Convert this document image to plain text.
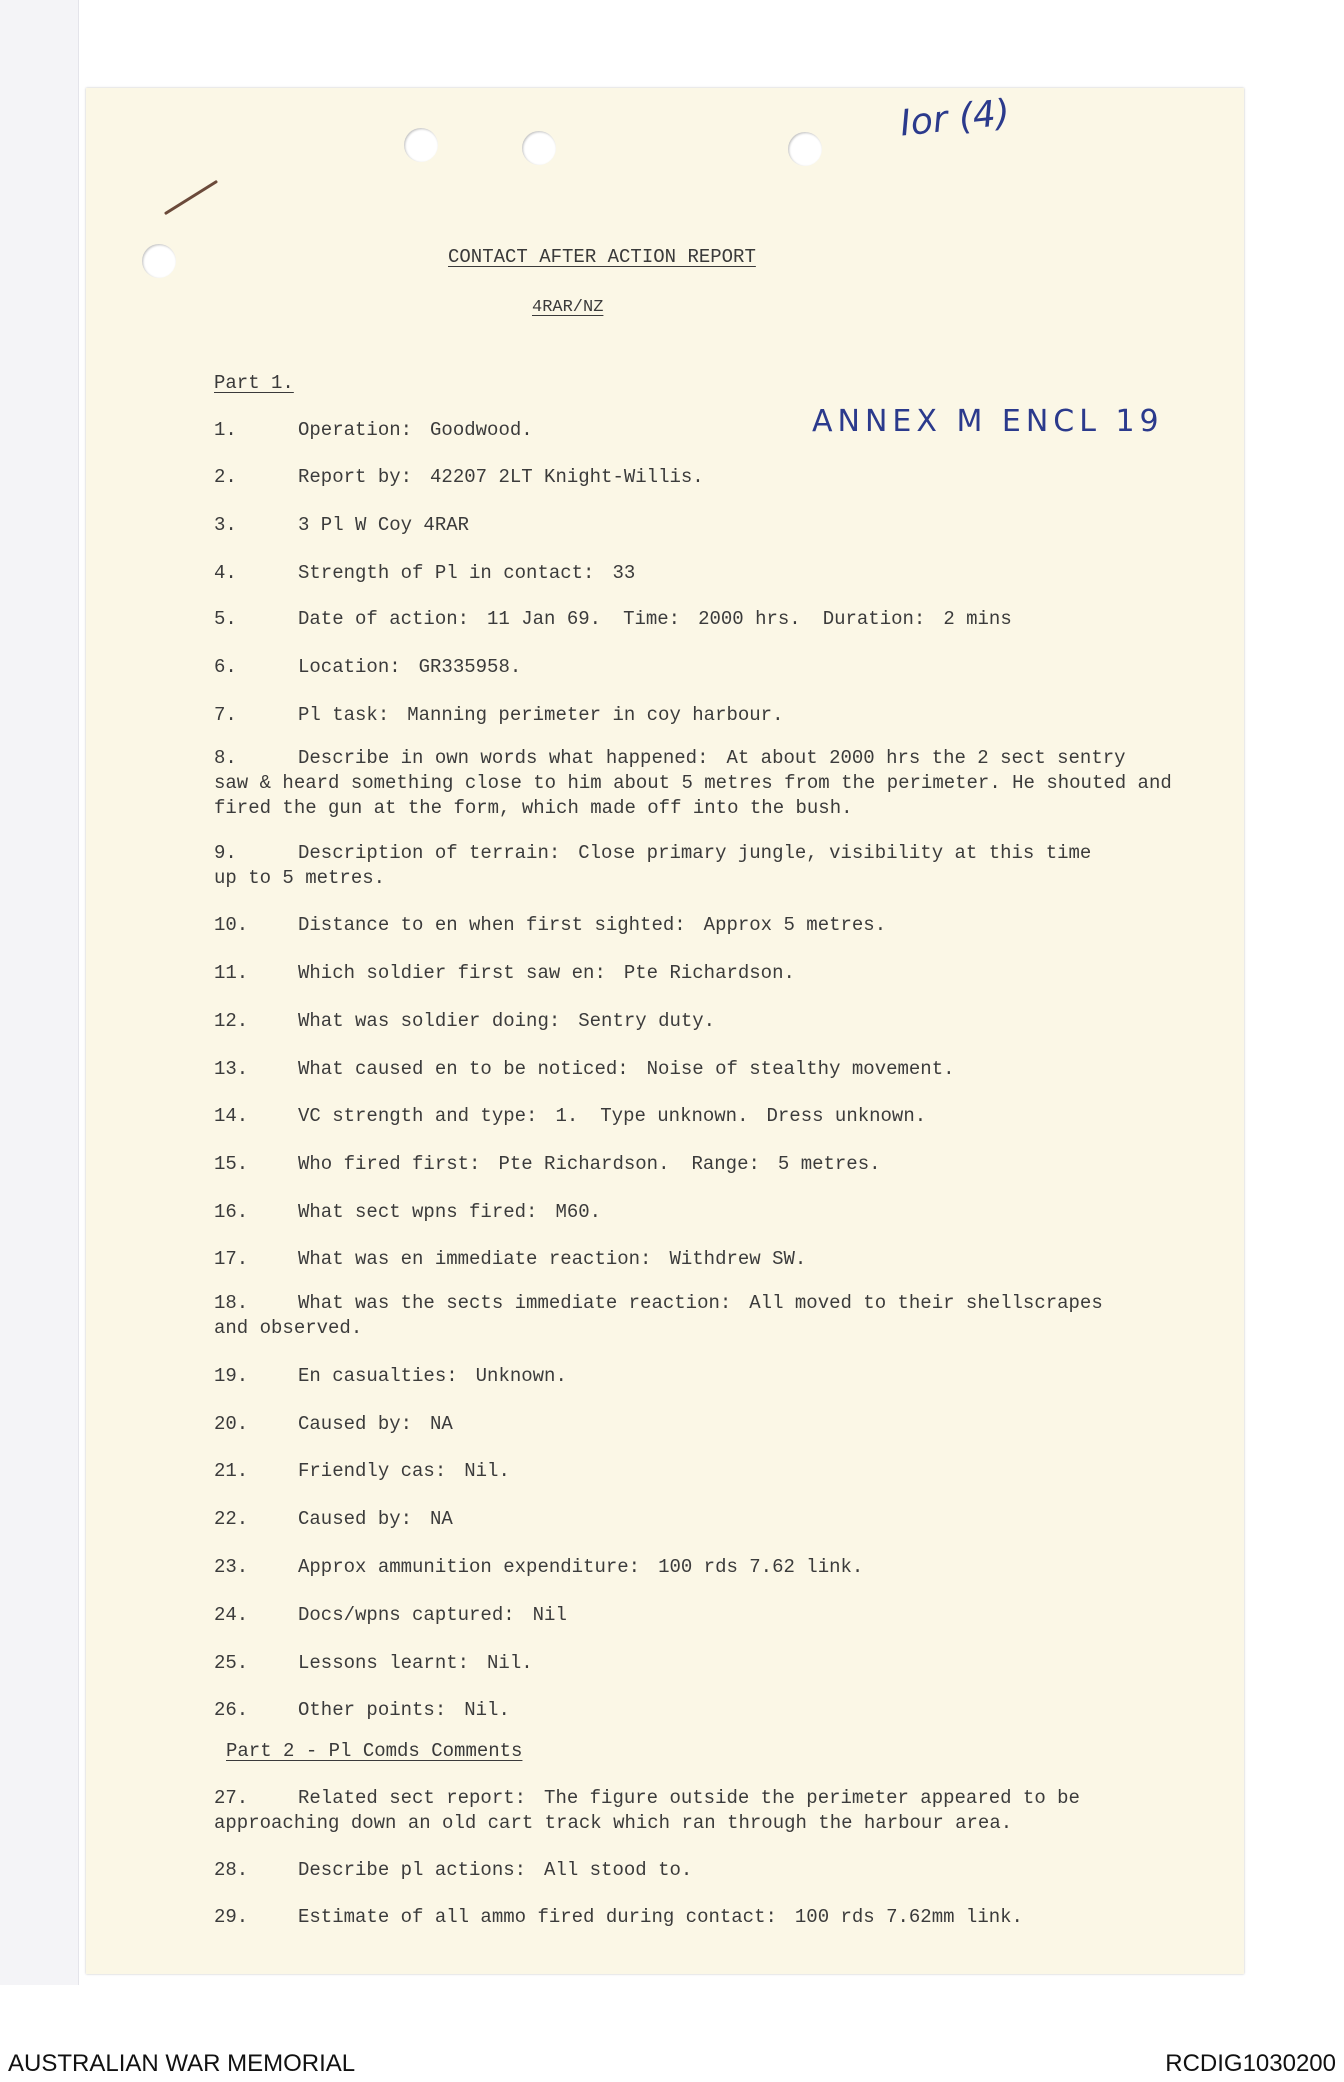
Ior (4)
ANNEX M ENCL 19
CONTACT AFTER ACTION REPORT
4RAR/NZ
Part 1.
1.	Operation: Goodwood.
2.	Report by: 42207 2LT Knight-Willis.
3.	3 Pl W Coy 4RAR
4.	Strength of Pl in contact: 33
5.	Date of action: 11 Jan 69. Time: 2000 hrs. Duration: 2 mins
6.	Location: GR335958.
7.	Pl task: Manning perimeter in coy harbour.
8.	Describe in own words what happened: At about 2000 hrs the 2 sect sentry
saw & heard something close to him about 5 metres from the perimeter. He shouted and fired the gun at the form, which made off into the bush.
9.	Description of terrain: Close primary jungle, visibility at this time
up to 5 metres.
10.	Distance to en when first sighted: Approx 5 metres.
11.	Which soldier first saw en: Pte Richardson.
12.	What was soldier doing: Sentry duty.
13.	What caused en to be noticed: Noise of stealthy movement.
14.	VC strength and type: 1. Type unknown. Dress unknown.
15.	Who fired first: Pte Richardson. Range: 5 metres.
16.	What sect wpns fired: M60.
17.	What was en immediate reaction: Withdrew SW.
18.	What was the sects immediate reaction: All moved to their shellscrapes
and observed.
19.	En casualties: Unknown.
20.	Caused by: NA
21.	Friendly cas: Nil.
22.	Caused by: NA
23.	Approx ammunition expenditure: 100 rds 7.62 link.
24.	Docs/wpns captured: Nil
25.	Lessons learnt: Nil.
26.	Other points: Nil.
Part 2 - Pl Comds Comments
27.	Related sect report: The figure outside the perimeter appeared to be
approaching down an old cart track which ran through the harbour area.
28.	Describe pl actions: All stood to.
29.	Estimate of all ammo fired during contact: 100 rds 7.62mm link.
AUSTRALIAN WAR MEMORIAL	RCDIG1030200
